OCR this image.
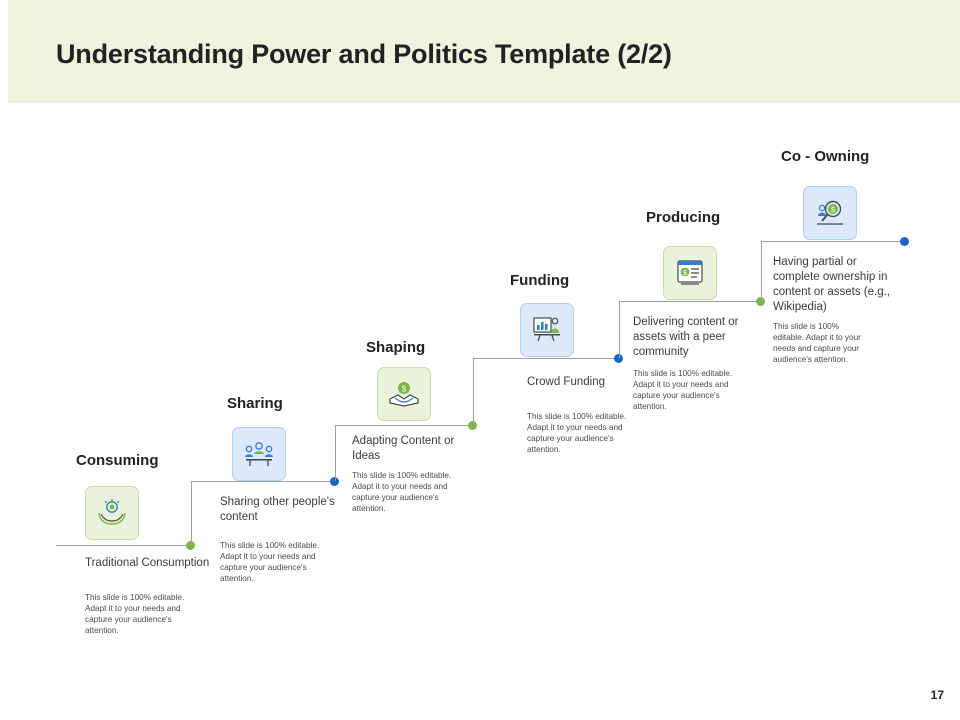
Understanding Power and Politics Template (2/2)
Consuming
Traditional Consumption
This slide is 100% editable. Adapt it to your needs and capture your audience's attention.
Sharing
Sharing other people's content
This slide is 100% editable. Adapt it to your needs and capture your audience's attention.
Shaping
$
Adapting Content or Ideas
This slide is 100% editable. Adapt it to your needs and capture your audience's attention.
Funding
Crowd Funding
This slide is 100% editable. Adapt it to your needs and capture your audience's attention.
Producing
$
Delivering content or assets with a peer community
This slide is 100% editable. Adapt it to your needs and capture your audience's attention.
Co - Owning
$
Having partial or complete ownership in content or assets (e.g., Wikipedia)
This slide is 100% editable. Adapt it to your needs and capture your audience's attention.
17
